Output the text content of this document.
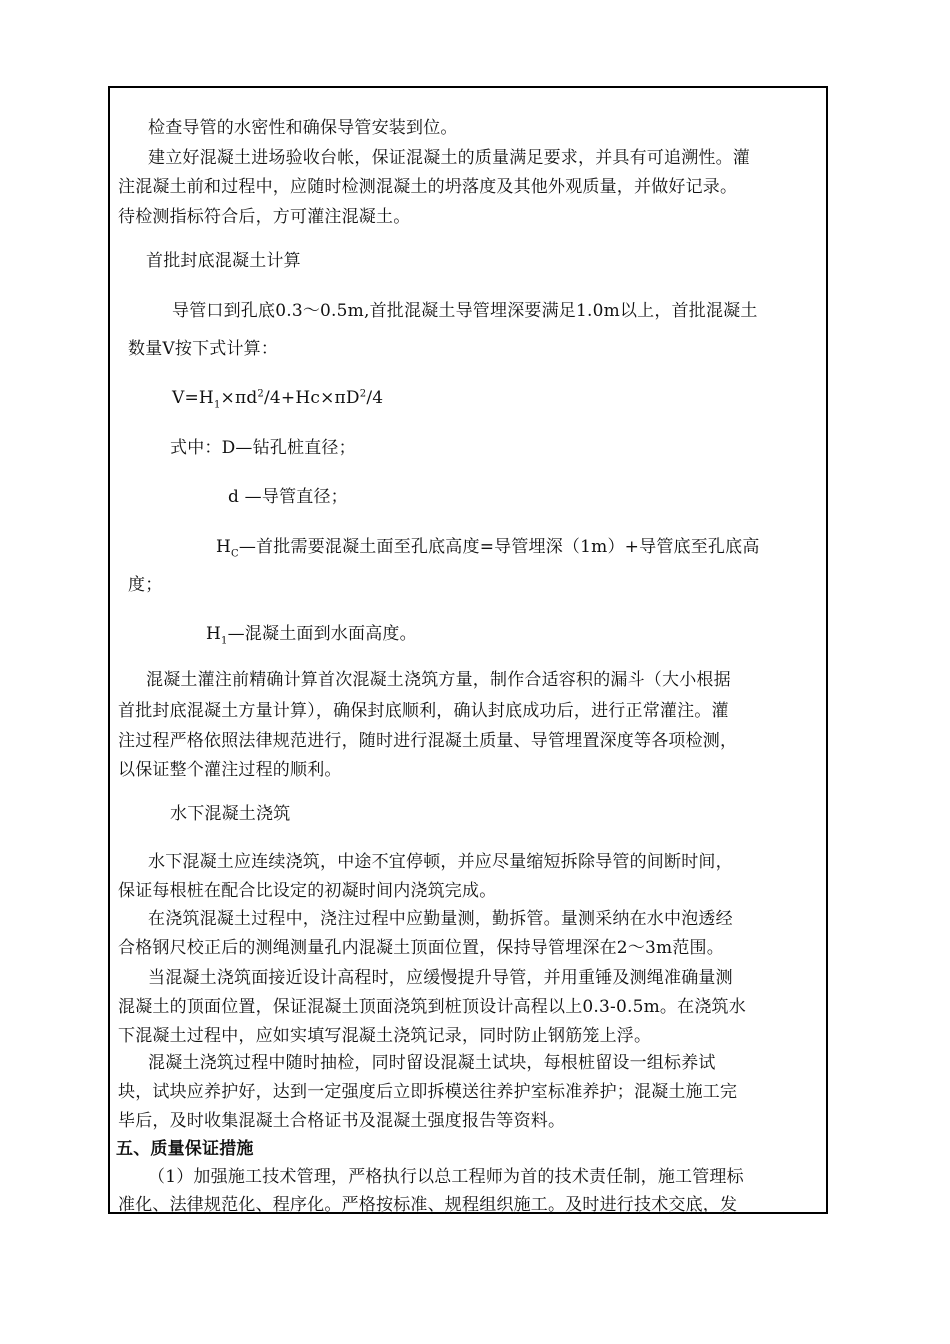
检查导管的水密性和确保导管安装到位。
建立好混凝土进场验收台帐，保证混凝土的质量满足要求，并具有可追溯性。灌
注混凝土前和过程中，应随时检测混凝土的坍落度及其他外观质量，并做好记录。
待检测指标符合后，方可灌注混凝土。
首批封底混凝土计算
导管口到孔底0.3～0.5m,首批混凝土导管埋深要满足1.0m以上，首批混凝土
数量V按下式计算：
$V=H_1\times\pi d^2/4+Hc\times\pi D^2/4$
式中：D—钻孔桩直径；
d —导管直径；
$H_C—$首批需要混凝土面至孔底高度=导管埋深（1m）+导管底至孔底高
度；
$H_1—$混凝土面到水面高度。
混凝土灌注前精确计算首次混凝土浇筑方量，制作合适容积的漏斗（大小根据
首批封底混凝土方量计算），确保封底顺利，确认封底成功后，进行正常灌注。灌
注过程严格依照法律规范进行，随时进行混凝土质量、导管埋置深度等各项检测，
以保证整个灌注过程的顺利。
水下混凝土浇筑
水下混凝土应连续浇筑，中途不宜停顿，并应尽量缩短拆除导管的间断时间，
保证每根桩在配合比设定的初凝时间内浇筑完成。
在浇筑混凝土过程中，浇注过程中应勤量测，勤拆管。量测采纳在水中泡透经
合格钢尺校正后的测绳测量孔内混凝土顶面位置，保持导管埋深在2～3m范围。
当混凝土浇筑面接近设计高程时，应缓慢提升导管，并用重锤及测绳准确量测
混凝土的顶面位置，保证混凝土顶面浇筑到桩顶设计高程以上0.3-0.5m。在浇筑水
下混凝土过程中，应如实填写混凝土浇筑记录，同时防止钢筋笼上浮。
混凝土浇筑过程中随时抽检，同时留设混凝土试块，每根桩留设一组标养试
块，试块应养护好，达到一定强度后立即拆模送往养护室标准养护；混凝土施工完
毕后，及时收集混凝土合格证书及混凝土强度报告等资料。
五、质量保证措施
（1）加强施工技术管理，严格执行以总工程师为首的技术责任制，施工管理标
准化、法律规范化、程序化。严格按标准、规程组织施工。及时进行技术交底，发
